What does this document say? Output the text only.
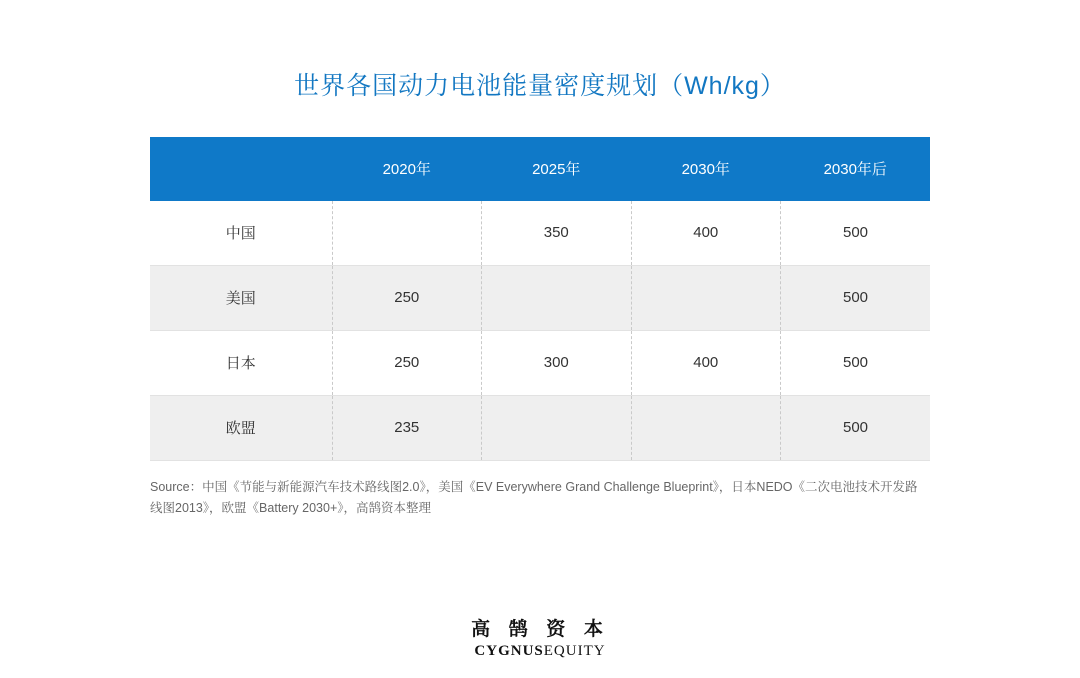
世界各国动力电池能量密度规划（Wh/kg）
	2020年	2025年	2030年	2030年后
中国		350	400	500
美国	250			500
日本	250	300	400	500
欧盟	235			500
Source：中国《节能与新能源汽车技术路线图2.0》，美国《EV Everywhere Grand Challenge Blueprint》，日本NEDO《二次电池技术开发路线图2013》，欧盟《Battery 2030+》，高鹄资本整理
高 鹄 资 本
CYGNUSEQUITY
